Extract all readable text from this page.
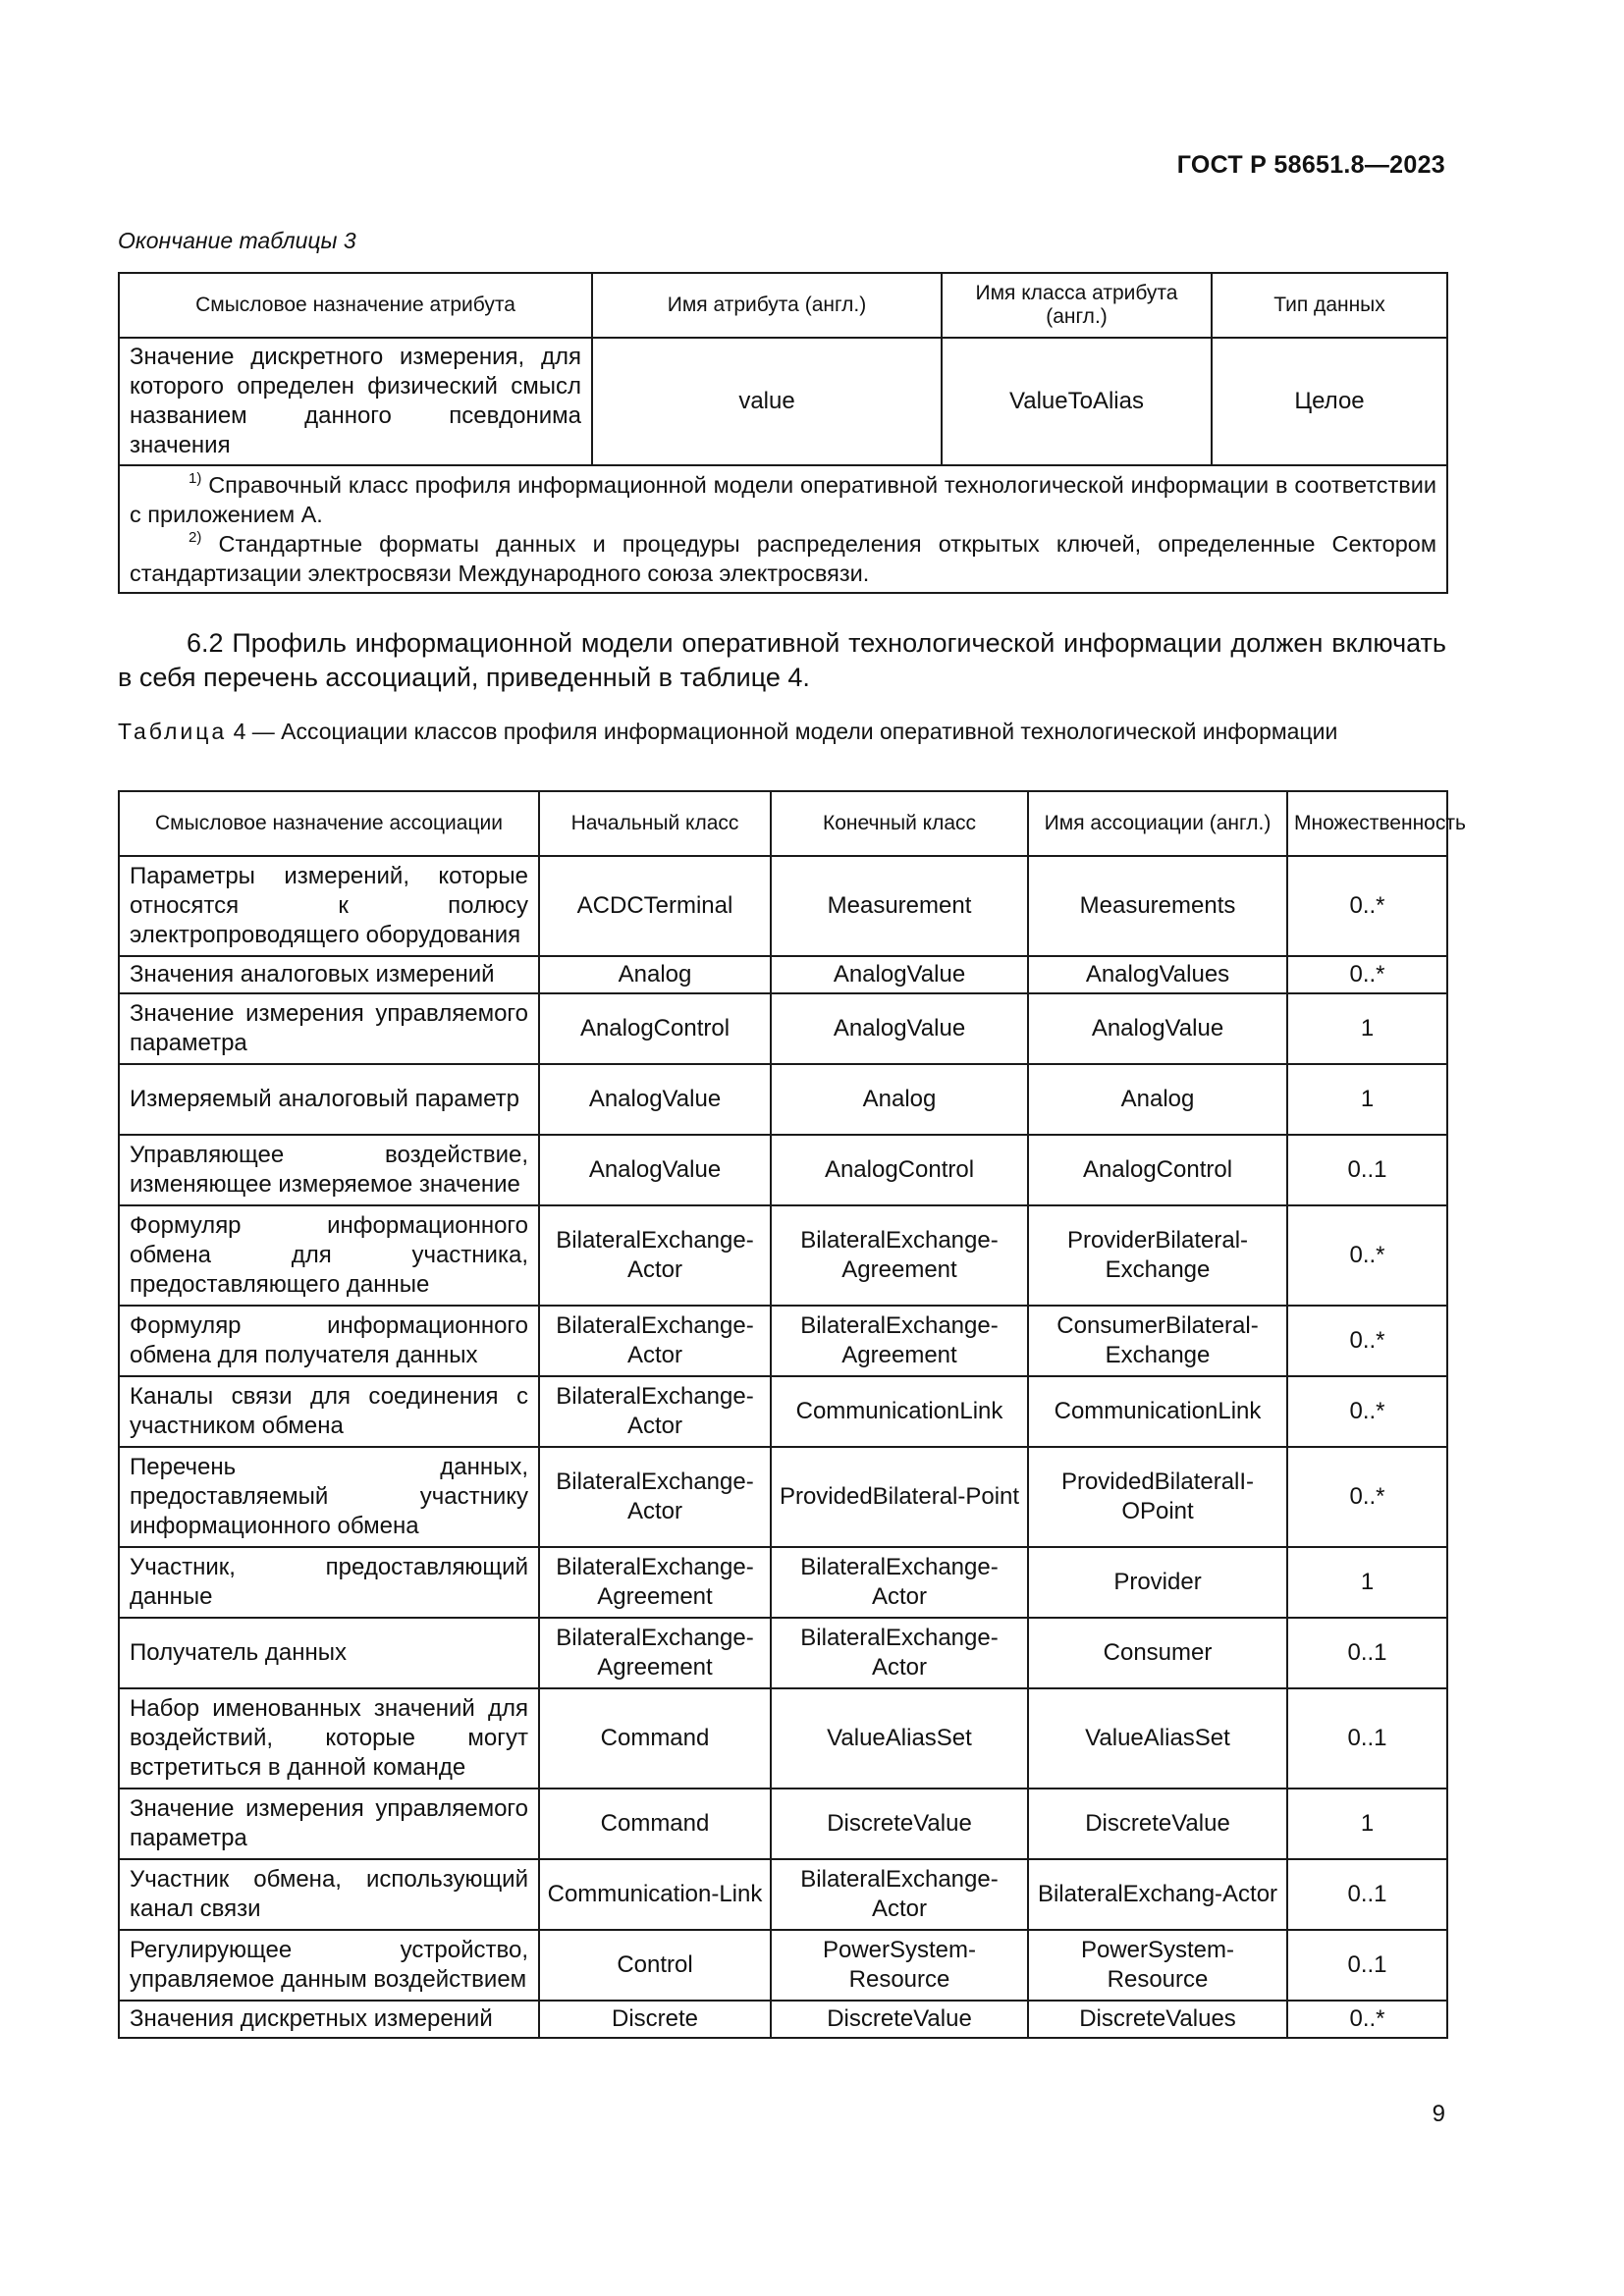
ГОСТ Р 58651.8—2023
Окончание таблицы 3
Смысловое назначение атрибута	Имя атрибута (англ.)	Имя класса атрибута (англ.)	Тип данных
Значение дискретного измерения, для которого определен физический смысл названием данного псевдонима значения	value	ValueToAlias	Целое

$^{1)}$ Справочный класс профиля информационной модели оперативной технологической информации в соответствии с приложением А.
$^{2)}$ Стандартные форматы данных и процедуры распределения открытых ключей, определенные Сектором стандартизации электросвязи Международного союза электросвязи.			
6.2 Профиль информационной модели оперативной технологической информации должен включать в себя перечень ассоциаций, приведенный в таблице 4.
Таблица 4 — Ассоциации классов профиля информационной модели оперативной технологической информации
Смысловое назначение ассоциации	Начальный класс	Конечный класс	Имя ассоциации (англ.)	Множественность
Параметры измерений, которые относятся к полюсу электропроводящего оборудования	ACDCTerminal	Measurement	Measurements	0..*
Значения аналоговых измерений	Analog	AnalogValue	AnalogValues	0..*
Значение измерения управляемого параметра	AnalogControl	AnalogValue	AnalogValue	1
Измеряемый аналоговый параметр	AnalogValue	Analog	Analog	1
Управляющее воздействие, изменяющее измеряемое значение	AnalogValue	AnalogControl	AnalogControl	0..1
Формуляр информационного обмена для участника, предоставляющего данные	BilateralExchange-Actor	BilateralExchange-Agreement	ProviderBilateral-Exchange	0..*
Формуляр информационного обмена для получателя данных	BilateralExchange-Actor	BilateralExchange-Agreement	ConsumerBilateral-Exchange	0..*
Каналы связи для соединения с участником обмена	BilateralExchange-Actor	CommunicationLink	CommunicationLink	0..*
Перечень данных, предоставляемый участнику информационного обмена	BilateralExchange-Actor	ProvidedBilateral-Point	ProvidedBilateralI-OPoint	0..*
Участник, предоставляющий данные	BilateralExchange-Agreement	BilateralExchange-Actor	Provider	1
Получатель данных	BilateralExchange-Agreement	BilateralExchange-Actor	Consumer	0..1
Набор именованных значений для воздействий, которые могут встретиться в данной команде	Command	ValueAliasSet	ValueAliasSet	0..1
Значение измерения управляемого параметра	Command	DiscreteValue	DiscreteValue	1
Участник обмена, использующий канал связи	Communication-Link	BilateralExchange-Actor	BilateralExchang-Actor	0..1
Регулирующее устройство, управляемое данным воздействием	Control	PowerSystem-Resource	PowerSystem-Resource	0..1
Значения дискретных измерений	Discrete	DiscreteValue	DiscreteValues	0..*
9
